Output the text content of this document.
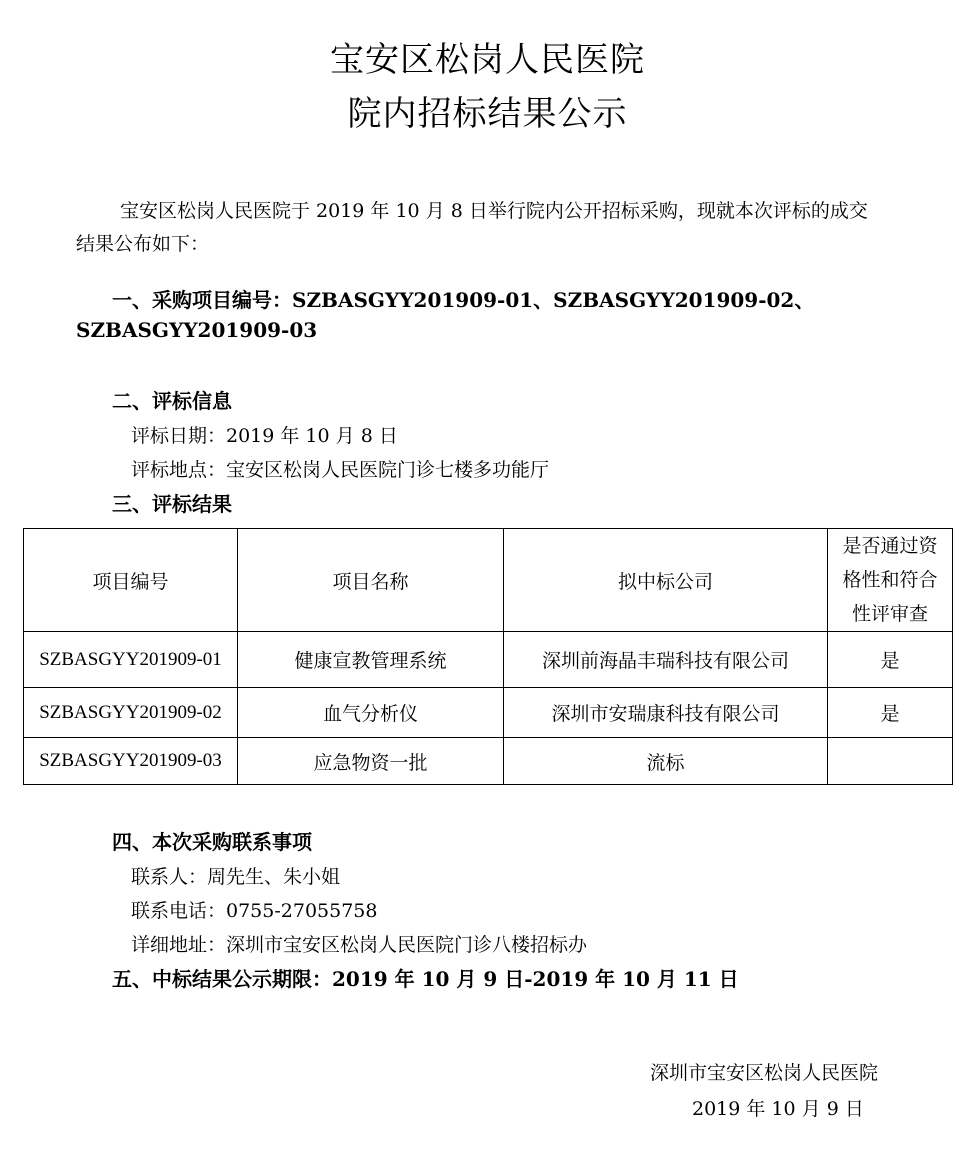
宝安区松岗人民医院
院内招标结果公示
宝安区松岗人民医院于 2019 年 10 月 8 日举行院内公开招标采购，现就本次评标的成交
结果公布如下：
一、采购项目编号：SZBASGYY201909-01、SZBASGYY201909-02、
SZBASGYY201909-03
二、评标信息
评标日期：2019 年 10 月 8 日
评标地点：宝安区松岗人民医院门诊七楼多功能厅
三、评标结果
项目编号	项目名称	拟中标公司	是否通过资
格性和符合
性评审查

SZBASGYY201909-01	健康宣教管理系统	深圳前海晶丰瑞科技有限公司	是
SZBASGYY201909-02	血气分析仪	深圳市安瑞康科技有限公司	是
SZBASGYY201909-03	应急物资一批	流标	
四、本次采购联系事项
联系人：周先生、朱小姐
联系电话：0755-27055758
详细地址：深圳市宝安区松岗人民医院门诊八楼招标办
五、中标结果公示期限：2019 年 10 月 9 日-2019 年 10 月 11 日
深圳市宝安区松岗人民医院
2019 年 10 月 9 日
